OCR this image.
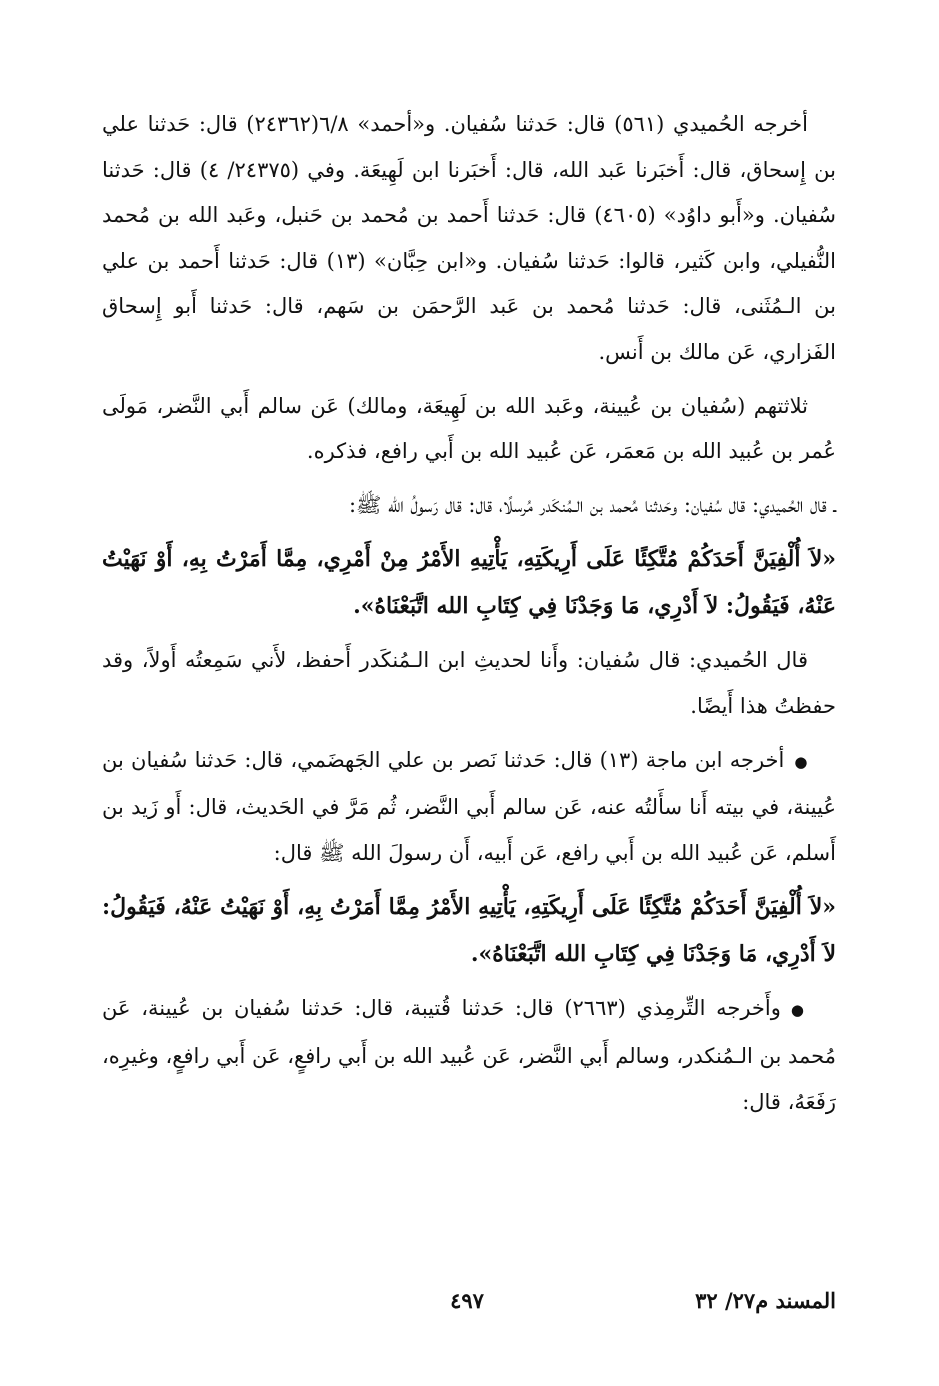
أخرجه الحُميدي (٥٦١) قال: حَدثنا سُفيان. و«أحمد» ٦/٨(٢٤٣٦٢) قال: حَدثنا علي بن إِسحاق، قال: أَخبَرنا عَبد الله، قال: أَخبَرنا ابن لَهِيعَة. وفي (٢٤٣٧٥/ ٤) قال: حَدثنا سُفيان. و«أَبو داوُد» (٤٦٠٥) قال: حَدثنا أَحمد بن مُحمد بن حَنبل، وعَبد الله بن مُحمد النُّفيلي، وابن كَثير، قالوا: حَدثنا سُفيان. و«ابن حِبَّان» (١٣) قال: حَدثنا أَحمد بن علي بن الـمُثَنى، قال: حَدثنا مُحمد بن عَبد الرَّحمَن بن سَهم، قال: حَدثنا أَبو إِسحاق الفَزاري، عَن مالك بن أَنس.

ثلاثتهم (سُفيان بن عُيينة، وعَبد الله بن لَهِيعَة، ومالك) عَن سالم أَبي النَّضر، مَولَى عُمر بن عُبيد الله بن مَعمَر، عَن عُبيد الله بن أَبي رافع، فذكره.

ـ قال الحُميدي: قال سُفيان: وحَدثنا مُحمد بن الـمُنكَدر مُرسلًا، قال: قال رَسولُ الله ﷺ:

«لاَ أُلْفِيَنَّ أَحَدَكُمْ مُتَّكِئًا عَلَى أَرِيكَتِهِ، يَأْتِيهِ الأَمْرُ مِنْ أَمْرِي، مِمَّا أَمَرْتُ بِهِ، أَوْ نَهَيْتُ عَنْهُ، فَيَقُولُ: لاَ أَدْرِي، مَا وَجَدْنَا فِي كِتَابِ الله اتَّبَعْنَاهُ».

قال الحُميدي: قال سُفيان: وأَنا لحديثِ ابن الـمُنكَدر أَحفظ، لأَني سَمِعتُه أَولاً، وقد حفظتُ هذا أَيضًا.

●أخرجه ابن ماجة (١٣) قال: حَدثنا نَصر بن علي الجَهضَمي، قال: حَدثنا سُفيان بن عُيينة، في بيته أَنا سأَلتُه عنه، عَن سالم أَبي النَّضر، ثُم مَرَّ في الحَديث، قال: أَو زَيد بن أَسلم، عَن عُبيد الله بن أَبي رافع، عَن أَبيه، أَن رسولَ الله ﷺ قال:

«لاَ أُلْفِيَنَّ أَحَدَكُمْ مُتَّكِئًا عَلَى أَرِيكَتِهِ، يَأْتِيهِ الأَمْرُ مِمَّا أَمَرْتُ بِهِ، أَوْ نَهَيْتُ عَنْهُ، فَيَقُولُ: لاَ أَدْرِي، مَا وَجَدْنَا فِي كِتَابِ الله اتَّبَعْنَاهُ».

●وأَخرجه التِّرمِذي (٢٦٦٣) قال: حَدثنا قُتيبة، قال: حَدثنا سُفيان بن عُيينة، عَن مُحمد بن الـمُنكدر، وسالم أَبي النَّضر، عَن عُبيد الله بن أَبي رافعٍ، عَن أَبي رافعٍ، وغيرِه، رَفَعَهُ، قال:

المسند م٢٧/ ٣٢
٤٩٧
